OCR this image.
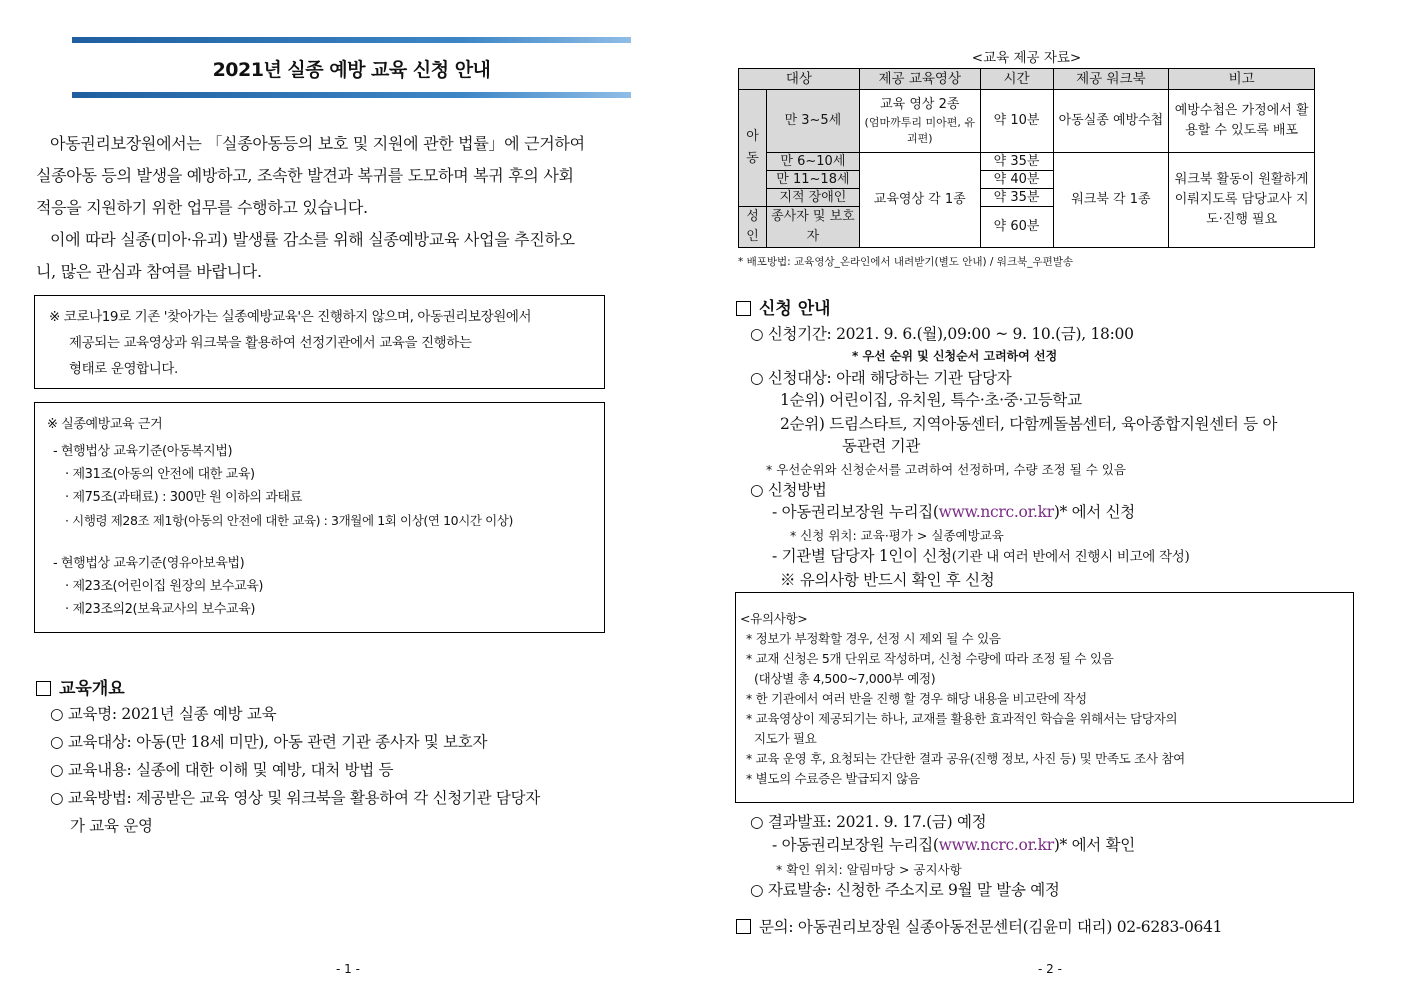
2021년 실종 예방 교육 신청 안내
아동권리보장원에서는 「실종아동등의 보호 및 지원에 관한 법률」에 근거하여
실종아동 등의 발생을 예방하고, 조속한 발견과 복귀를 도모하며 복귀 후의 사회
적응을 지원하기 위한 업무를 수행하고 있습니다.
이에 따라 실종(미아·유괴) 발생률 감소를 위해 실종예방교육 사업을 추진하오
니, 많은 관심과 참여를 바랍니다.
※ 코로나19로 기존 '찾아가는 실종예방교육'은 진행하지 않으며, 아동권리보장원에서
제공되는 교육영상과 워크북을 활용하여 선정기관에서 교육을 진행하는
형태로 운영합니다.
※ 실종예방교육 근거
- 현행법상 교육기준(아동복지법)
· 제31조(아동의 안전에 대한 교육)
· 제75조(과태료) : 300만 원 이하의 과태료
· 시행령 제28조 제1항(아동의 안전에 대한 교육) : 3개월에 1회 이상(연 10시간 이상)
- 현행법상 교육기준(영유아보육법)
· 제23조(어린이집 원장의 보수교육)
· 제23조의2(보육교사의 보수교육)
교육개요
○ 교육명: 2021년 실종 예방 교육
○ 교육대상: 아동(만 18세 미만), 아동 관련 기관 종사자 및 보호자
○ 교육내용: 실종에 대한 이해 및 예방, 대처 방법 등
○ 교육방법: 제공받은 교육 영상 및 워크북을 활용하여 각 신청기관 담당자
가 교육 운영
- 1 -
<교육 제공 자료>
대상		제공 교육영상	시간	제공 워크북	비고

아동	만 3~5세	교육 영상 2종
(엄마까투리 미아편, 유괴편)	약 10분	아동실종 예방수첩	예방수첩은 가정에서 활용할 수 있도록 배포
	만 6~10세	교육영상 각 1종	약 35분	워크북 각 1종	워크북 활동이 원활하게 이뤄지도록 담당교사 지도·진행 필요
	만 11~18세		약 40분		
	지적 장애인		약 35분		

성인	종사자 및 보호자		약 60분		
* 배포방법: 교육영상_온라인에서 내려받기(별도 안내) / 워크북_우편발송
신청 안내
○ 신청기간: 2021. 9. 6.(월),09:00 ~ 9. 10.(금), 18:00
* 우선 순위 및 신청순서 고려하여 선정
○ 신청대상: 아래 해당하는 기관 담당자
1순위) 어린이집, 유치원, 특수·초·중·고등학교
2순위) 드림스타트, 지역아동센터, 다함께돌봄센터, 육아종합지원센터 등 아
동관련 기관
* 우선순위와 신청순서를 고려하여 선정하며, 수량 조정 될 수 있음
○ 신청방법
- 아동권리보장원 누리집(www.ncrc.or.kr)* 에서 신청
* 신청 위치: 교육·평가 > 실종예방교육
- 기관별 담당자 1인이 신청(기관 내 여러 반에서 진행시 비고에 작성)
※ 유의사항 반드시 확인 후 신청
<유의사항>
* 정보가 부정확할 경우, 선정 시 제외 될 수 있음
* 교재 신청은 5개 단위로 작성하며, 신청 수량에 따라 조정 될 수 있음
(대상별 총 4,500~7,000부 예정)
* 한 기관에서 여러 반을 진행 할 경우 해당 내용을 비고란에 작성
* 교육영상이 제공되기는 하나, 교재를 활용한 효과적인 학습을 위해서는 담당자의
지도가 필요
* 교육 운영 후, 요청되는 간단한 결과 공유(진행 정보, 사진 등) 및 만족도 조사 참여
* 별도의 수료증은 발급되지 않음
○ 결과발표: 2021. 9. 17.(금) 예정
- 아동권리보장원 누리집(www.ncrc.or.kr)* 에서 확인
* 확인 위치: 알림마당 > 공지사항
○ 자료발송: 신청한 주소지로 9월 말 발송 예정
문의: 아동권리보장원 실종아동전문센터(김윤미 대리) 02-6283-0641
- 2 -
